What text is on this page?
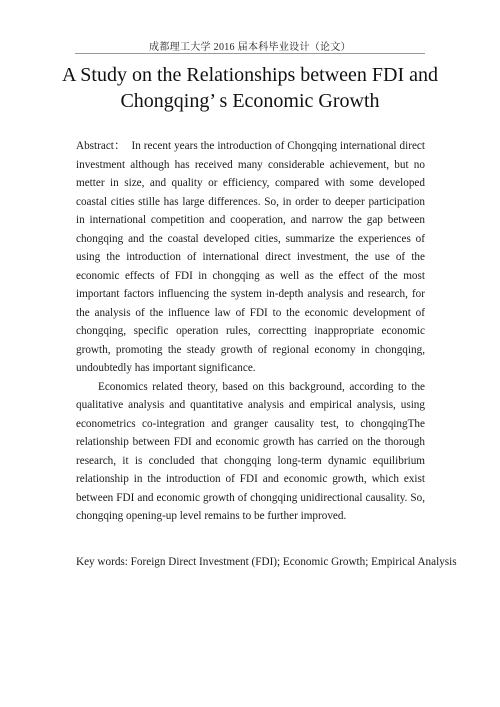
成都理工大学 2016 届本科毕业设计（论文）
A Study on the Relationships between FDI and
Chongqing’ s Economic Growth

Abstract： In recent years the introduction of Chongqing international direct investment although has received many considerable achievement, but no metter in size, and quality or efficiency, compared with some developed coastal cities stille has large differences. So, in order to deeper participation in international competition and cooperation, and narrow the gap between chongqing and the coastal developed cities, summarize the experiences of using the introduction of international direct investment, the use of the economic effects of FDI in chongqing as well as the effect of the most important factors influencing the system in-depth analysis and research, for the analysis of the influence law of FDI to the economic development of chongqing, specific operation rules, correctting inappropriate economic growth, promoting the steady growth of regional economy in chongqing, undoubtedly has important significance.

Economics related theory, based on this background, according to the qualitative analysis and quantitative analysis and empirical analysis, using econometrics co-integration and granger causality test, to chongqingThe relationship between FDI and economic growth has carried on the thorough research, it is concluded that chongqing long-term dynamic equilibrium relationship in the introduction of FDI and economic growth, which exist between FDI and economic growth of chongqing unidirectional causality. So, chongqing opening-up level remains to be further improved.

Key words: Foreign Direct Investment (FDI); Economic Growth; Empirical Analysis
